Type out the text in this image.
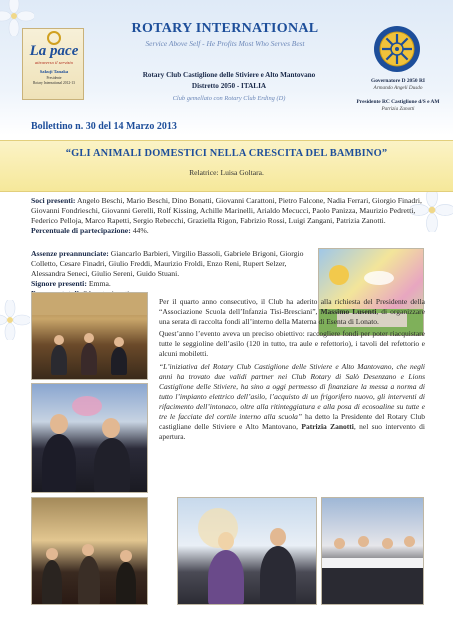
La pace
attraverso il servizio
Sakuji Tanaka
Presidente
Rotary International 2012-13
ROTARY INTERNATIONAL
Service Above Self - He Profits Most Who Serves Best
Rotary Club Castiglione delle Stiviere e Alto Mantovano
Distretto 2050 - ITALIA
Club gemellato con Rotary Club Erding (D)
Governatore D 2050 RI
Armando Angeli Dusdo
Presidente RC Castiglione d/S e AM
Patrizia Zanotti
Bollettino n. 30 del 14 Marzo 2013
“GLI ANIMALI DOMESTICI NELLA CRESCITA DEL BAMBINO”
Relatrice: Luisa Goltara.

Soci presenti: Angelo Beschi, Mario Beschi, Dino Bonatti, Giovanni Carattoni, Pietro Falcone, Nadia Ferrari, Giorgio Finadri, Giovanni Fondrieschi, Giovanni Gerelli, Rolf Kissing, Achille Marinelli, Arialdo Mecucci, Paolo Panizza, Maurizio Pedretti, Federico Pelloja, Marco Rapetti, Sergio Rebecchi, Graziella Rigon, Fabrizio Rossi, Luigi Zangani, Patrizia Zanotti.

Percentuale di partecipazione: 44%.

Assenze preannunciate: Giancarlo Barbieri, Virgilio Bassoli, Gabriele Brigoni, Giorgio Colletto, Cesare Finadri, Giulio Freddi, Maurizio Froldi, Enzo Reni, Rupert Selzer, Alessandra Seneci, Giulio Sereni, Guido Stuani.

Signore presenti: Emma.

Per il quarto anno consecutivo, il Club ha aderito alla richiesta del Presidente della “Associazione Scuola dell’Infanzia Tisi-Bresciani”, Massimo Lusenti, di organizzare una serata di raccolta fondi all’interno della Materna di Esenta di Lonato.

Quest’anno l’evento aveva un preciso obiettivo: raccogliere fondi per poter riacquistare tutte le seggioline dell’asilo (120 in tutto, tra aule e refettorio), i tavoli del refettorio e alcuni mobiletti.

“L’iniziativa del Rotary Club Castiglione delle Stiviere e Alto Mantovano, che negli anni ha trovato due validi partner nei Club Rotary di Salò Desenzano e Lions Castiglione delle Stiviere, ha sino a oggi permesso di finanziare la messa a norma di tutto l’impianto elettrico dell’asilo, l’acquisto di un frigorifero nuovo, gli interventi di rifacimento dell’intonaco, oltre alla ritinteggiatura e alla posa di ecosoaline su tutte e tre le facciate del cortile interno alla scuola” ha detto la Presidente del Rotary Club castigliane delle Stiviere e Alto Mantovano, Patrizia Zanotti, nel suo intervento di apertura.
